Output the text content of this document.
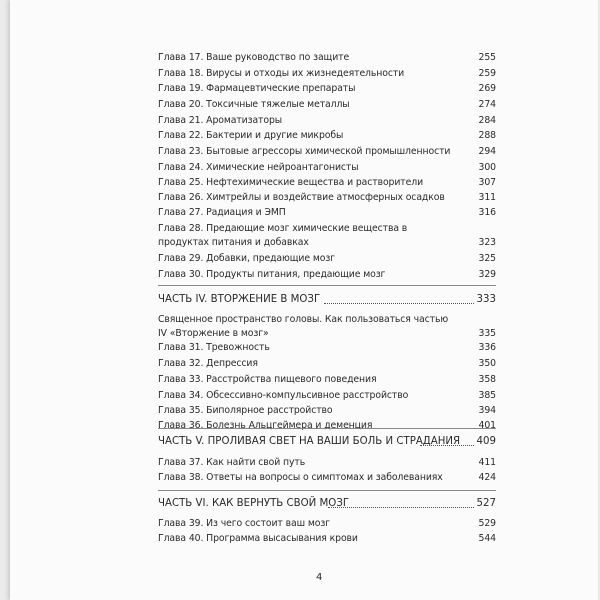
Глава 17. Ваше руководство по защите	255
Глава 18. Вирусы и отходы их жизнедеятельности	259
Глава 19. Фармацевтические препараты	269
Глава 20. Токсичные тяжелые металлы	274
Глава 21. Ароматизаторы	284
Глава 22. Бактерии и другие микробы	288
Глава 23. Бытовые агрессоры химической промышленности	294
Глава 24. Химические нейроантагонисты	300
Глава 25. Нефтехимические вещества и растворители	307
Глава 26. Химтрейлы и воздействие атмосферных осадков	311
Глава 27. Радиация и ЭМП	316
Глава 28. Предающие мозг химические вещества в продуктах питания и добавках	323
Глава 29. Добавки, предающие мозг	325
Глава 30. Продукты питания, предающие мозг	329
ЧАСТЬ IV. ВТОРЖЕНИЕ В МОЗГ	333
Священное пространство головы. Как пользоваться частью IV «Вторжение в мозг»	335
Глава 31. Тревожность	336
Глава 32. Депрессия	350
Глава 33. Расстройства пищевого поведения	358
Глава 34. Обсессивно-компульсивное расстройство	385
Глава 35. Биполярное расстройство	394
Глава 36. Болезнь Альцгеймера и деменция	401
ЧАСТЬ V. ПРОЛИВАЯ СВЕТ НА ВАШИ БОЛЬ И СТРАДАНИЯ 409
Глава 37. Как найти свой путь	411
Глава 38. Ответы на вопросы о симптомах и заболеваниях	424
ЧАСТЬ VI. КАК ВЕРНУТЬ СВОЙ МОЗГ	527
Глава 39. Из чего состоит ваш мозг	529
Глава 40. Программа высасывания крови	544
4
